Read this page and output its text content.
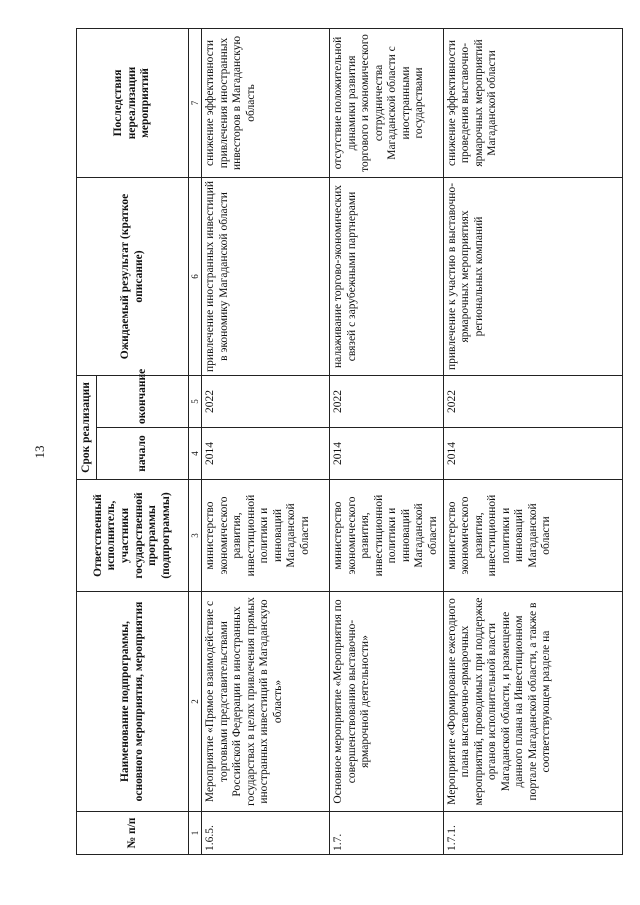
13
№ п/п	Наименование подпрограммы, основного мероприятия, мероприятия	Ответственный исполнитель, участники государственной программы (подпрограммы)	Срок реализации		Ожидаемый результат (краткое описание)	Последствия нереализации мероприятий
			начало	окончание		
1	2	3	4	5	6	7
1.6.5.	Мероприятие «Прямое взаимодействие с торговыми представительствами Российской Федерации в иностранных государствах в целях привлечения прямых иностранных инвестиций в Магаданскую область»	министерство экономического развития, инвестиционной политики и инноваций Магаданской области	2014	2022	привлечение иностранных инвестиций в экономику Магаданской области	снижение эффективности привлечения иностранных инвесторов в Магаданскую область
1.7.	Основное мероприятие «Мероприятия по совершенствованию выставочно-ярмарочной деятельности»	министерство экономического развития, инвестиционной политики и инноваций Магаданской области	2014	2022	налаживание торгово-экономических связей с зарубежными партнерами	отсутствие положительной динамики развития торгового и экономического сотрудничества Магаданской области с иностранными государствами
1.7.1.	Мероприятие «Формирование ежегодного плана выставочно-ярмарочных мероприятий, проводимых при поддержке органов исполнительной власти Магаданской области, и размещение данного плана на Инвестиционном портале Магаданской области, а также в соответствующем разделе на	министерство экономического развития, инвестиционной политики и инноваций Магаданской области	2014	2022	привлечение к участию в выставочно-ярмарочных мероприятиях региональных компаний	снижение эффективности проведения выставочно-ярмарочных мероприятий Магаданской области
